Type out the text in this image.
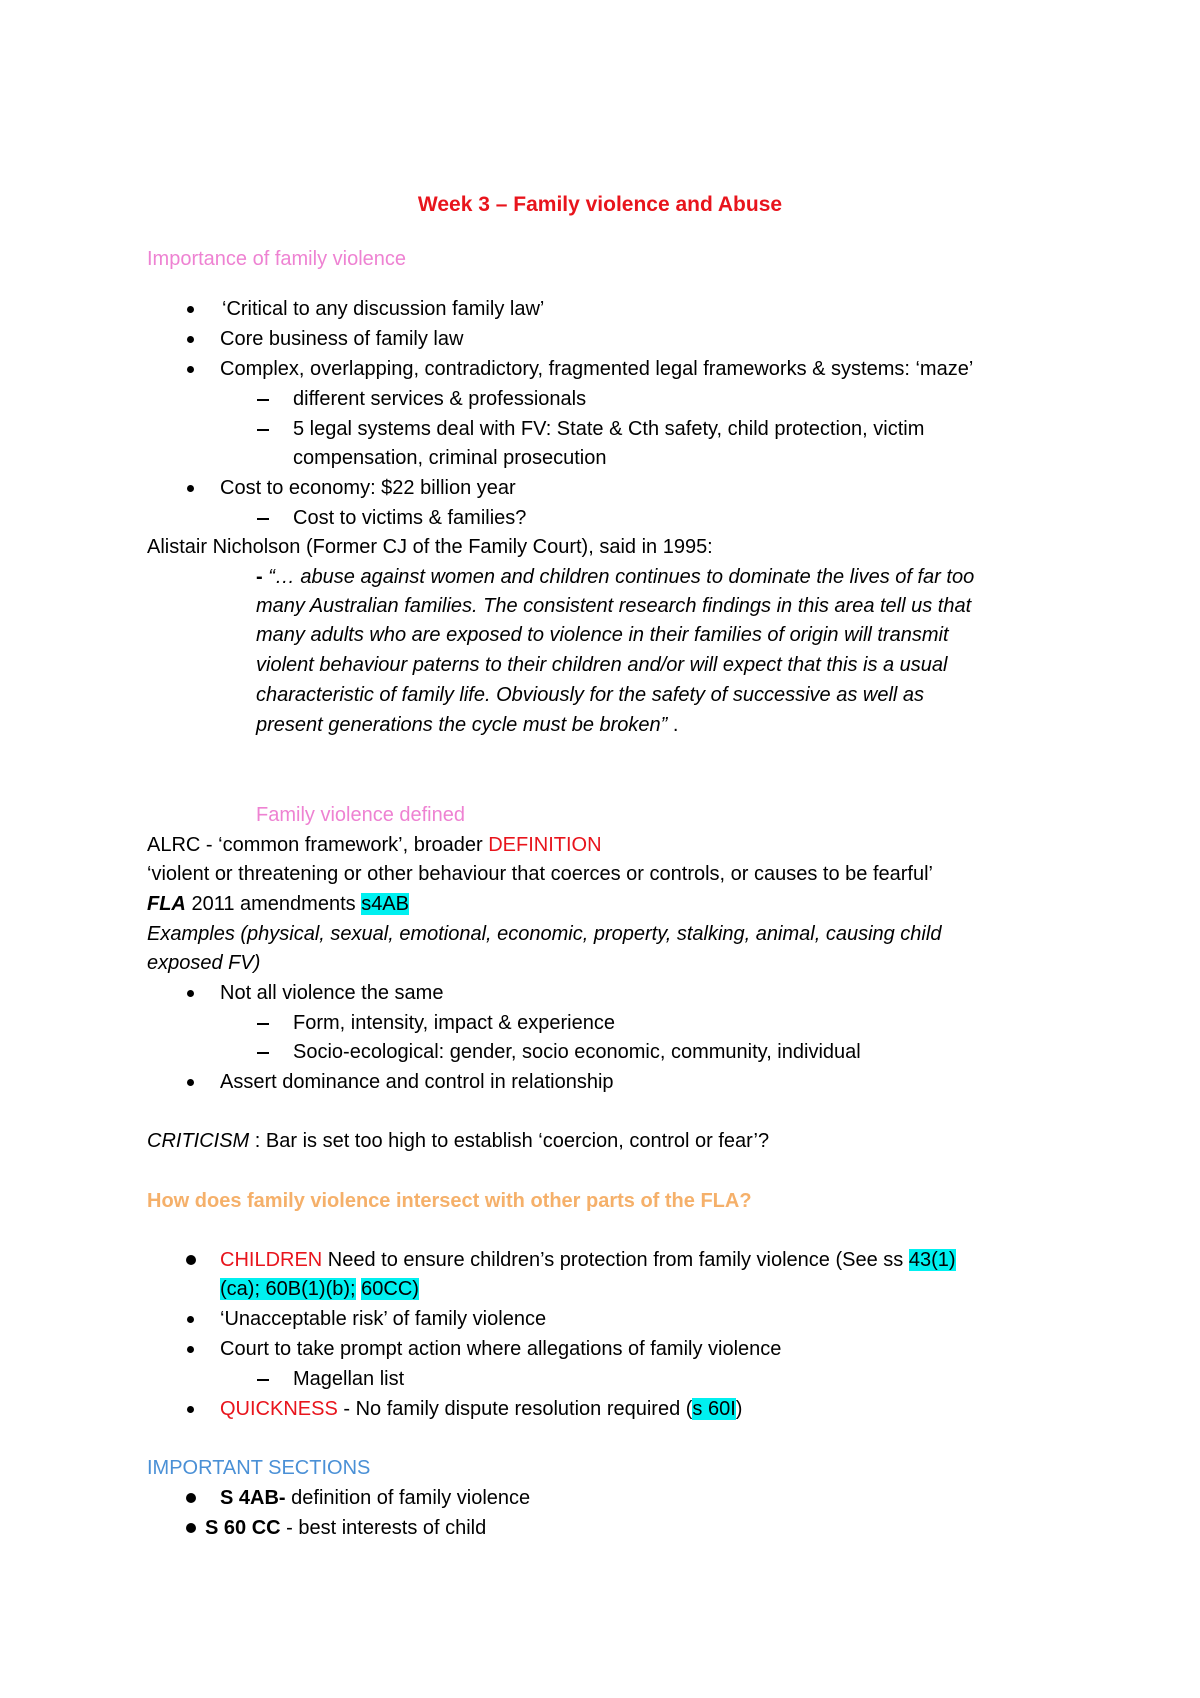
Week 3 – Family violence and Abuse
Importance of family violence
‘Critical to any discussion family law’
Core business of family law
Complex, overlapping, contradictory, fragmented legal frameworks & systems: ‘maze’
different services & professionals
5 legal systems deal with FV: State & Cth safety, child protection, victim
compensation, criminal prosecution
Cost to economy: $22 billion year
Cost to victims & families?
Alistair Nicholson (Former CJ of the Family Court), said in 1995:
- “… abuse against women and children continues to dominate the lives of far too
many Australian families. The consistent research findings in this area tell us that
many adults who are exposed to violence in their families of origin will transmit
violent behaviour paterns to their children and/or will expect that this is a usual
characteristic of family life. Obviously for the safety of successive as well as
present generations the cycle must be broken” .
Family violence defined
ALRC - ‘common framework’, broader DEFINITION
‘violent or threatening or other behaviour that coerces or controls, or causes to be fearful’
FLA 2011 amendments s4AB
Examples (physical, sexual, emotional, economic, property, stalking, animal, causing child
exposed FV)
Not all violence the same
Form, intensity, impact & experience
Socio-ecological: gender, socio economic, community, individual
Assert dominance and control in relationship
CRITICISM : Bar is set too high to establish ‘coercion, control or fear’?
How does family violence intersect with other parts of the FLA?
CHILDREN Need to ensure children’s protection from family violence (See ss 43(1)
(ca); 60B(1)(b); 60CC)
‘Unacceptable risk’ of family violence
Court to take prompt action where allegations of family violence
Magellan list
QUICKNESS - No family dispute resolution required (s 60I)
IMPORTANT SECTIONS
S 4AB- definition of family violence
S 60 CC - best interests of child
